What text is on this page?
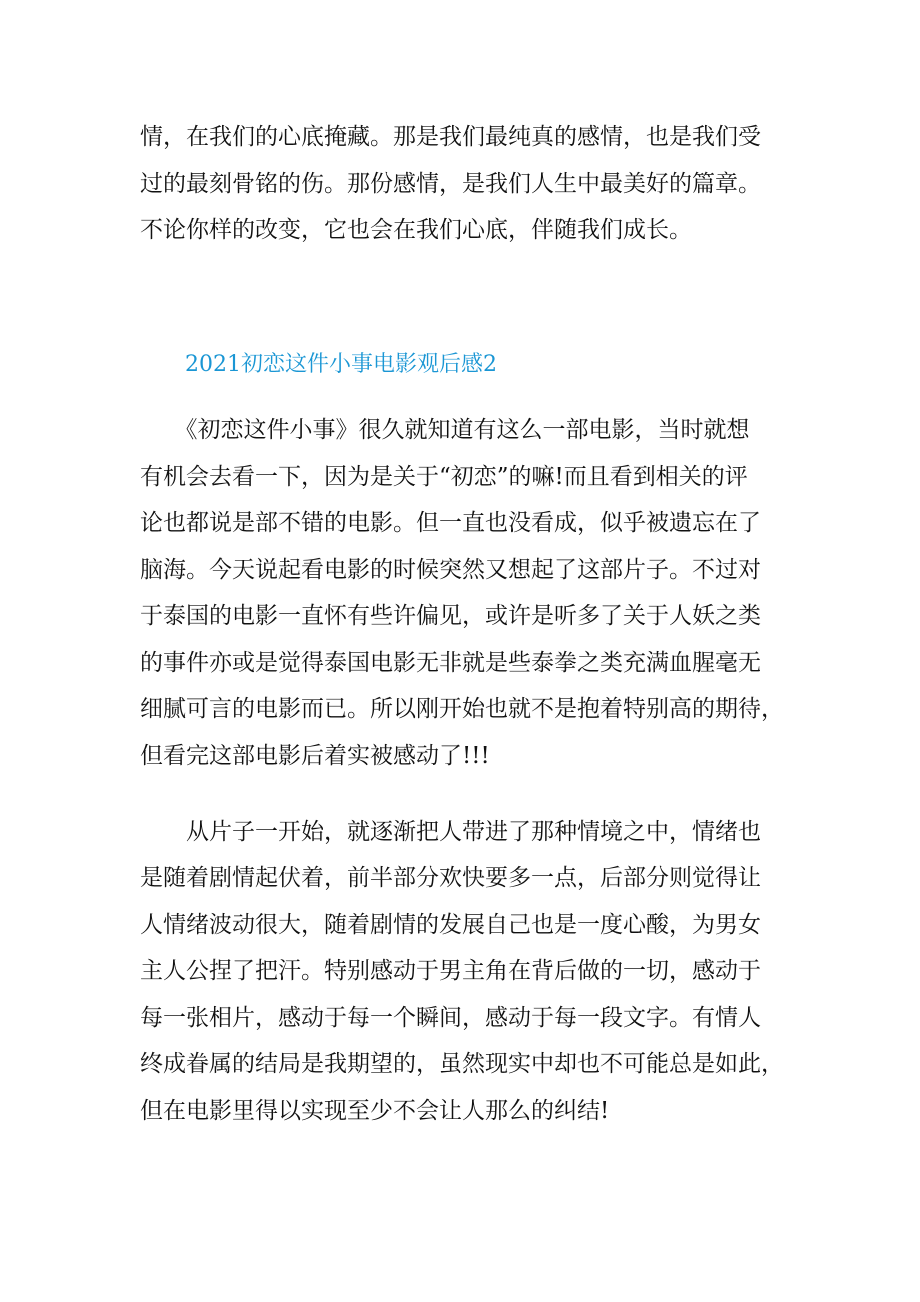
情，在我们的心底掩藏。那是我们最纯真的感情，也是我们受
过的最刻骨铭的伤。那份感情，是我们人生中最美好的篇章。
不论你样的改变，它也会在我们心底，伴随我们成长。
2021初恋这件小事电影观后感2
　　《初恋这件小事》很久就知道有这么一部电影，当时就想
有机会去看一下，因为是关于“初恋”的嘛!而且看到相关的评
论也都说是部不错的电影。但一直也没看成，似乎被遗忘在了
脑海。今天说起看电影的时候突然又想起了这部片子。不过对
于泰国的电影一直怀有些许偏见，或许是听多了关于人妖之类
的事件亦或是觉得泰国电影无非就是些泰拳之类充满血腥毫无
细腻可言的电影而已。所以刚开始也就不是抱着特别高的期待，
但看完这部电影后着实被感动了!!!
　　从片子一开始，就逐渐把人带进了那种情境之中，情绪也
是随着剧情起伏着，前半部分欢快要多一点，后部分则觉得让
人情绪波动很大，随着剧情的发展自己也是一度心酸，为男女
主人公捏了把汗。特别感动于男主角在背后做的一切，感动于
每一张相片，感动于每一个瞬间，感动于每一段文字。有情人
终成眷属的结局是我期望的，虽然现实中却也不可能总是如此，
但在电影里得以实现至少不会让人那么的纠结!
